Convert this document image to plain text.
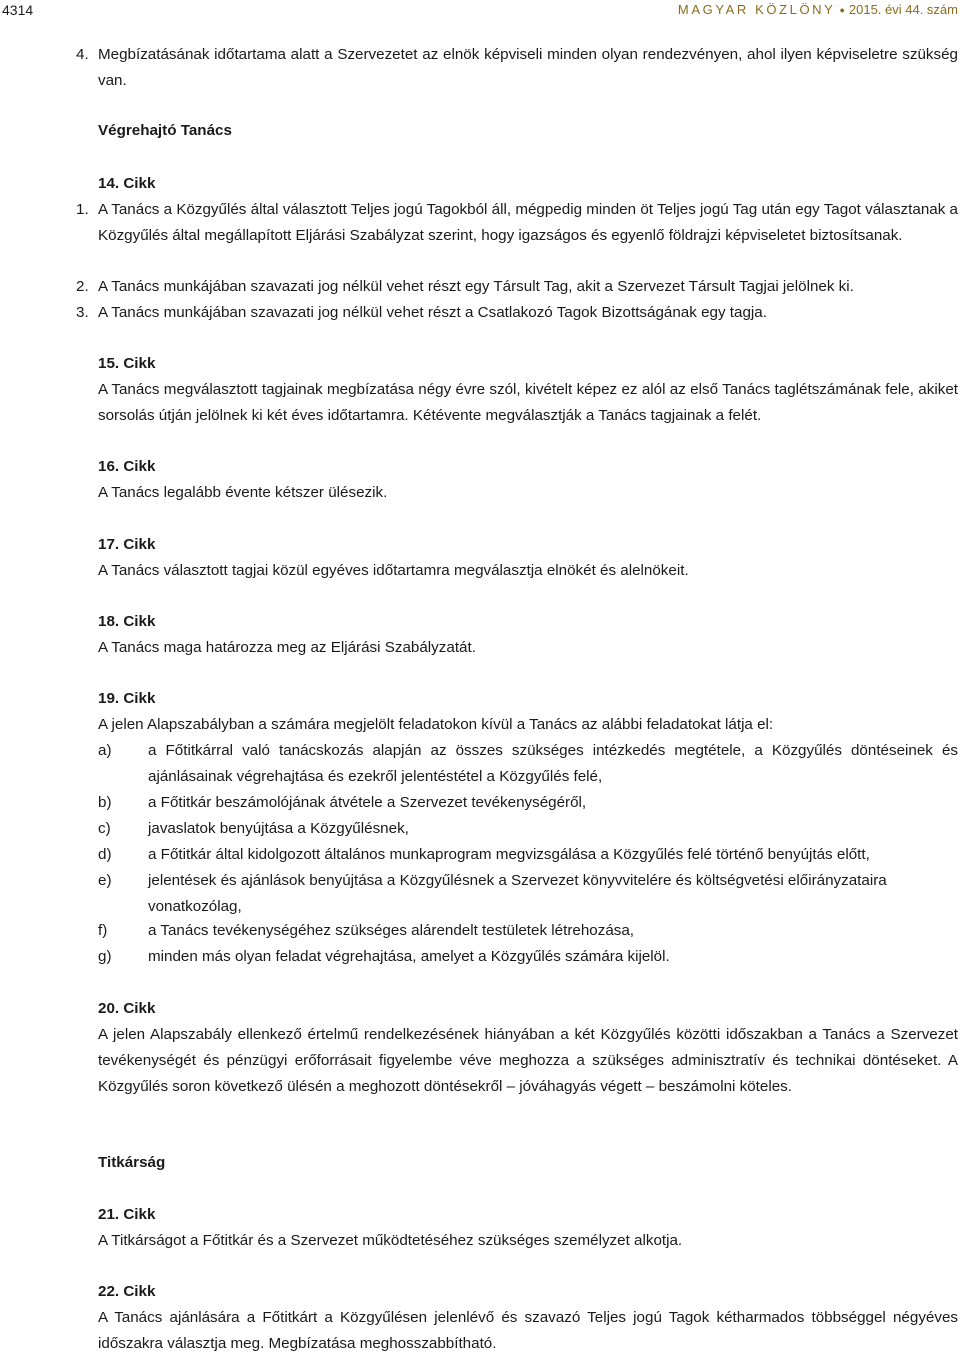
4314	MAGYAR KÖZLÖNY ● 2015. évi 44. szám
4. Megbízatásának időtartama alatt a Szervezetet az elnök képviseli minden olyan rendezvényen, ahol ilyen képviseletre szükség van.
Végrehajtó Tanács
14. Cikk
1. A Tanács a Közgyűlés által választott Teljes jogú Tagokból áll, mégpedig minden öt Teljes jogú Tag után egy Tagot választanak a Közgyűlés által megállapított Eljárási Szabályzat szerint, hogy igazságos és egyenlő földrajzi képviseletet biztosítsanak.
2. A Tanács munkájában szavazati jog nélkül vehet részt egy Társult Tag, akit a Szervezet Társult Tagjai jelölnek ki.
3. A Tanács munkájában szavazati jog nélkül vehet részt a Csatlakozó Tagok Bizottságának egy tagja.
15. Cikk
A Tanács megválasztott tagjainak megbízatása négy évre szól, kivételt képez ez alól az első Tanács taglétszámának fele, akiket sorsolás útján jelölnek ki két éves időtartamra. Kétévente megválasztják a Tanács tagjainak a felét.
16. Cikk
A Tanács legalább évente kétszer ülésezik.
17. Cikk
A Tanács választott tagjai közül egyéves időtartamra megválasztja elnökét és alelnökeit.
18. Cikk
A Tanács maga határozza meg az Eljárási Szabályzatát.
19. Cikk
A jelen Alapszabályban a számára megjelölt feladatokon kívül a Tanács az alábbi feladatokat látja el:
a) a Főtitkárral való tanácskozás alapján az összes szükséges intézkedés megtétele, a Közgyűlés döntéseinek és ajánlásainak végrehajtása és ezekről jelentéstétel a Közgyűlés felé,
b) a Főtitkár beszámolójának átvétele a Szervezet tevékenységéről,
c) javaslatok benyújtása a Közgyűlésnek,
d) a Főtitkár által kidolgozott általános munkaprogram megvizsgálása a Közgyűlés felé történő benyújtás előtt,
e) jelentések és ajánlások benyújtása a Közgyűlésnek a Szervezet könyvvitelére és költségvetési előirányzataira vonatkozólag,
f)	a Tanács tevékenységéhez szükséges alárendelt testületek létrehozása,
g) minden más olyan feladat végrehajtása, amelyet a Közgyűlés számára kijelöl.
20. Cikk
A jelen Alapszabály ellenkező értelmű rendelkezésének hiányában a két Közgyűlés közötti időszakban a Tanács a Szervezet tevékenységét és pénzügyi erőforrásait figyelembe véve meghozza a szükséges adminisztratív és technikai döntéseket. A Közgyűlés soron következő ülésén a meghozott döntésekről – jóváhagyás végett – beszámolni köteles.
Titkárság
21. Cikk
A Titkárságot a Főtitkár és a Szervezet működtetéséhez szükséges személyzet alkotja.
22. Cikk
A Tanács ajánlására a Főtitkárt a Közgyűlésen jelenlévő és szavazó Teljes jogú Tagok kétharmados többséggel négyéves időszakra választja meg. Megbízatása meghosszabbítható.
